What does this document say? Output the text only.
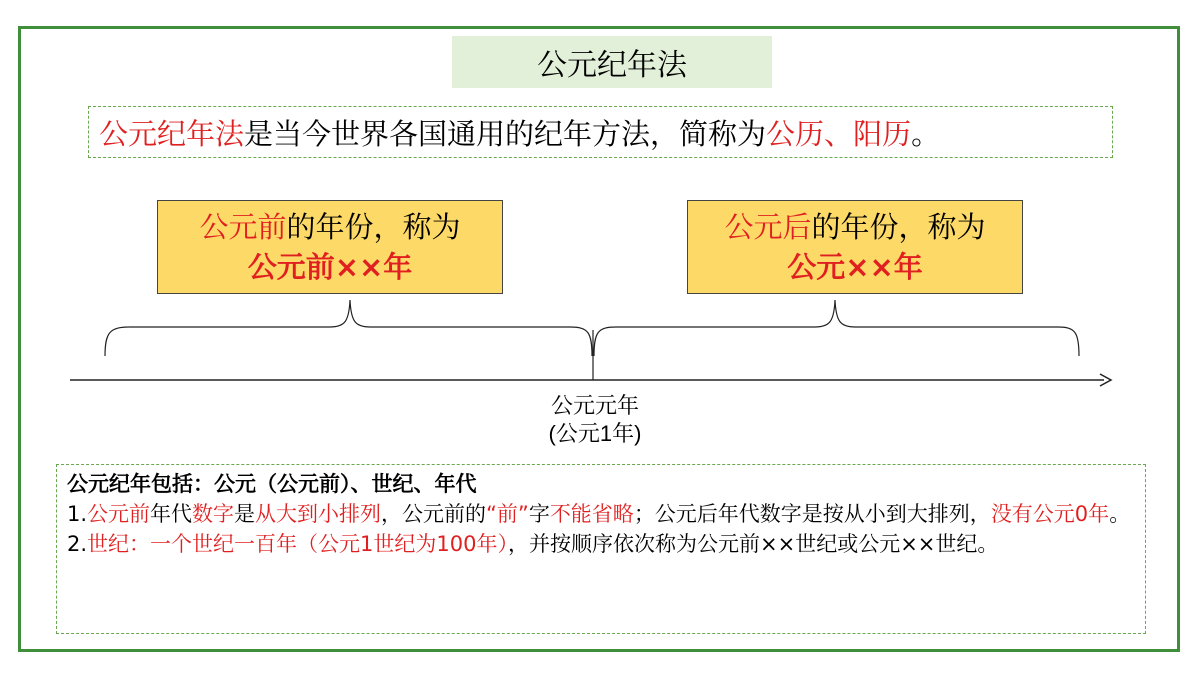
公元纪年法
公元纪年法是当今世界各国通用的纪年方法，简称为公历、阳历。
公元前的年份，称为
公元前××年
公元后的年份，称为
公元××年
公元元年
(公元1年)
公元纪年包括：公元（公元前）、世纪、年代
1.公元前年代数字是从大到小排列，公元前的“前”字不能省略；公元后年代数字是按从小到大排列，没有公元0年。
2.世纪：一个世纪一百年（公元1世纪为100年），并按顺序依次称为公元前××世纪或公元××世纪。
